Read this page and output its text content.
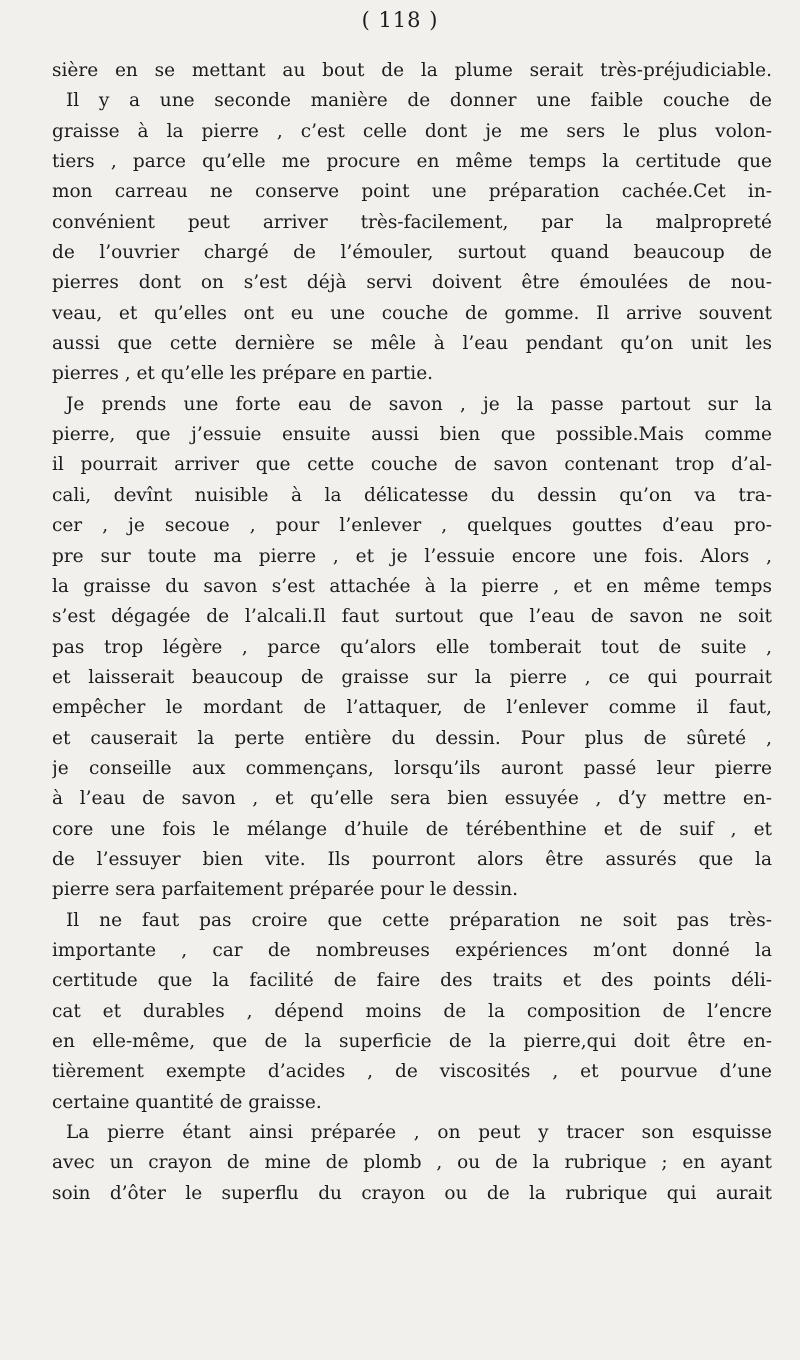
( 118 )
sière en se mettant au bout de la plume serait très-préjudiciable.
Il y a une seconde manière de donner une faible couche de
graisse à la pierre , c’est celle dont je me sers le plus volon-
tiers , parce qu’elle me procure en même temps la certitude que
mon carreau ne conserve point une préparation cachée.Cet in-
convénient peut arriver très-facilement, par la malpropreté
de l’ouvrier chargé de l’émouler, surtout quand beaucoup de
pierres dont on s’est déjà servi doivent être émoulées de nou-
veau, et qu’elles ont eu une couche de gomme. Il arrive souvent
aussi que cette dernière se mêle à l’eau pendant qu’on unit les
pierres , et qu’elle les prépare en partie.
Je prends une forte eau de savon , je la passe partout sur la
pierre, que j’essuie ensuite aussi bien que possible.Mais comme
il pourrait arriver que cette couche de savon contenant trop d’al-
cali, devînt nuisible à la délicatesse du dessin qu’on va tra-
cer , je secoue , pour l’enlever , quelques gouttes d’eau pro-
pre sur toute ma pierre , et je l’essuie encore une fois. Alors ,
la graisse du savon s’est attachée à la pierre , et en même temps
s’est dégagée de l’alcali.Il faut surtout que l’eau de savon ne soit
pas trop légère , parce qu’alors elle tomberait tout de suite ,
et laisserait beaucoup de graisse sur la pierre , ce qui pourrait
empêcher le mordant de l’attaquer, de l’enlever comme il faut,
et causerait la perte entière du dessin. Pour plus de sûreté ,
je conseille aux commençans, lorsqu’ils auront passé leur pierre
à l’eau de savon , et qu’elle sera bien essuyée , d’y mettre en-
core une fois le mélange d’huile de térébenthine et de suif , et
de l’essuyer bien vite. Ils pourront alors être assurés que la
pierre sera parfaitement préparée pour le dessin.
Il ne faut pas croire que cette préparation ne soit pas très-
importante , car de nombreuses expériences m’ont donné la
certitude que la facilité de faire des traits et des points déli-
cat et durables , dépend moins de la composition de l’encre
en elle-même, que de la superficie de la pierre,qui doit être en-
tièrement exempte d’acides , de viscosités , et pourvue d’une
certaine quantité de graisse.
La pierre étant ainsi préparée , on peut y tracer son esquisse
avec un crayon de mine de plomb , ou de la rubrique ; en ayant
soin d’ôter le superflu du crayon ou de la rubrique qui aurait
